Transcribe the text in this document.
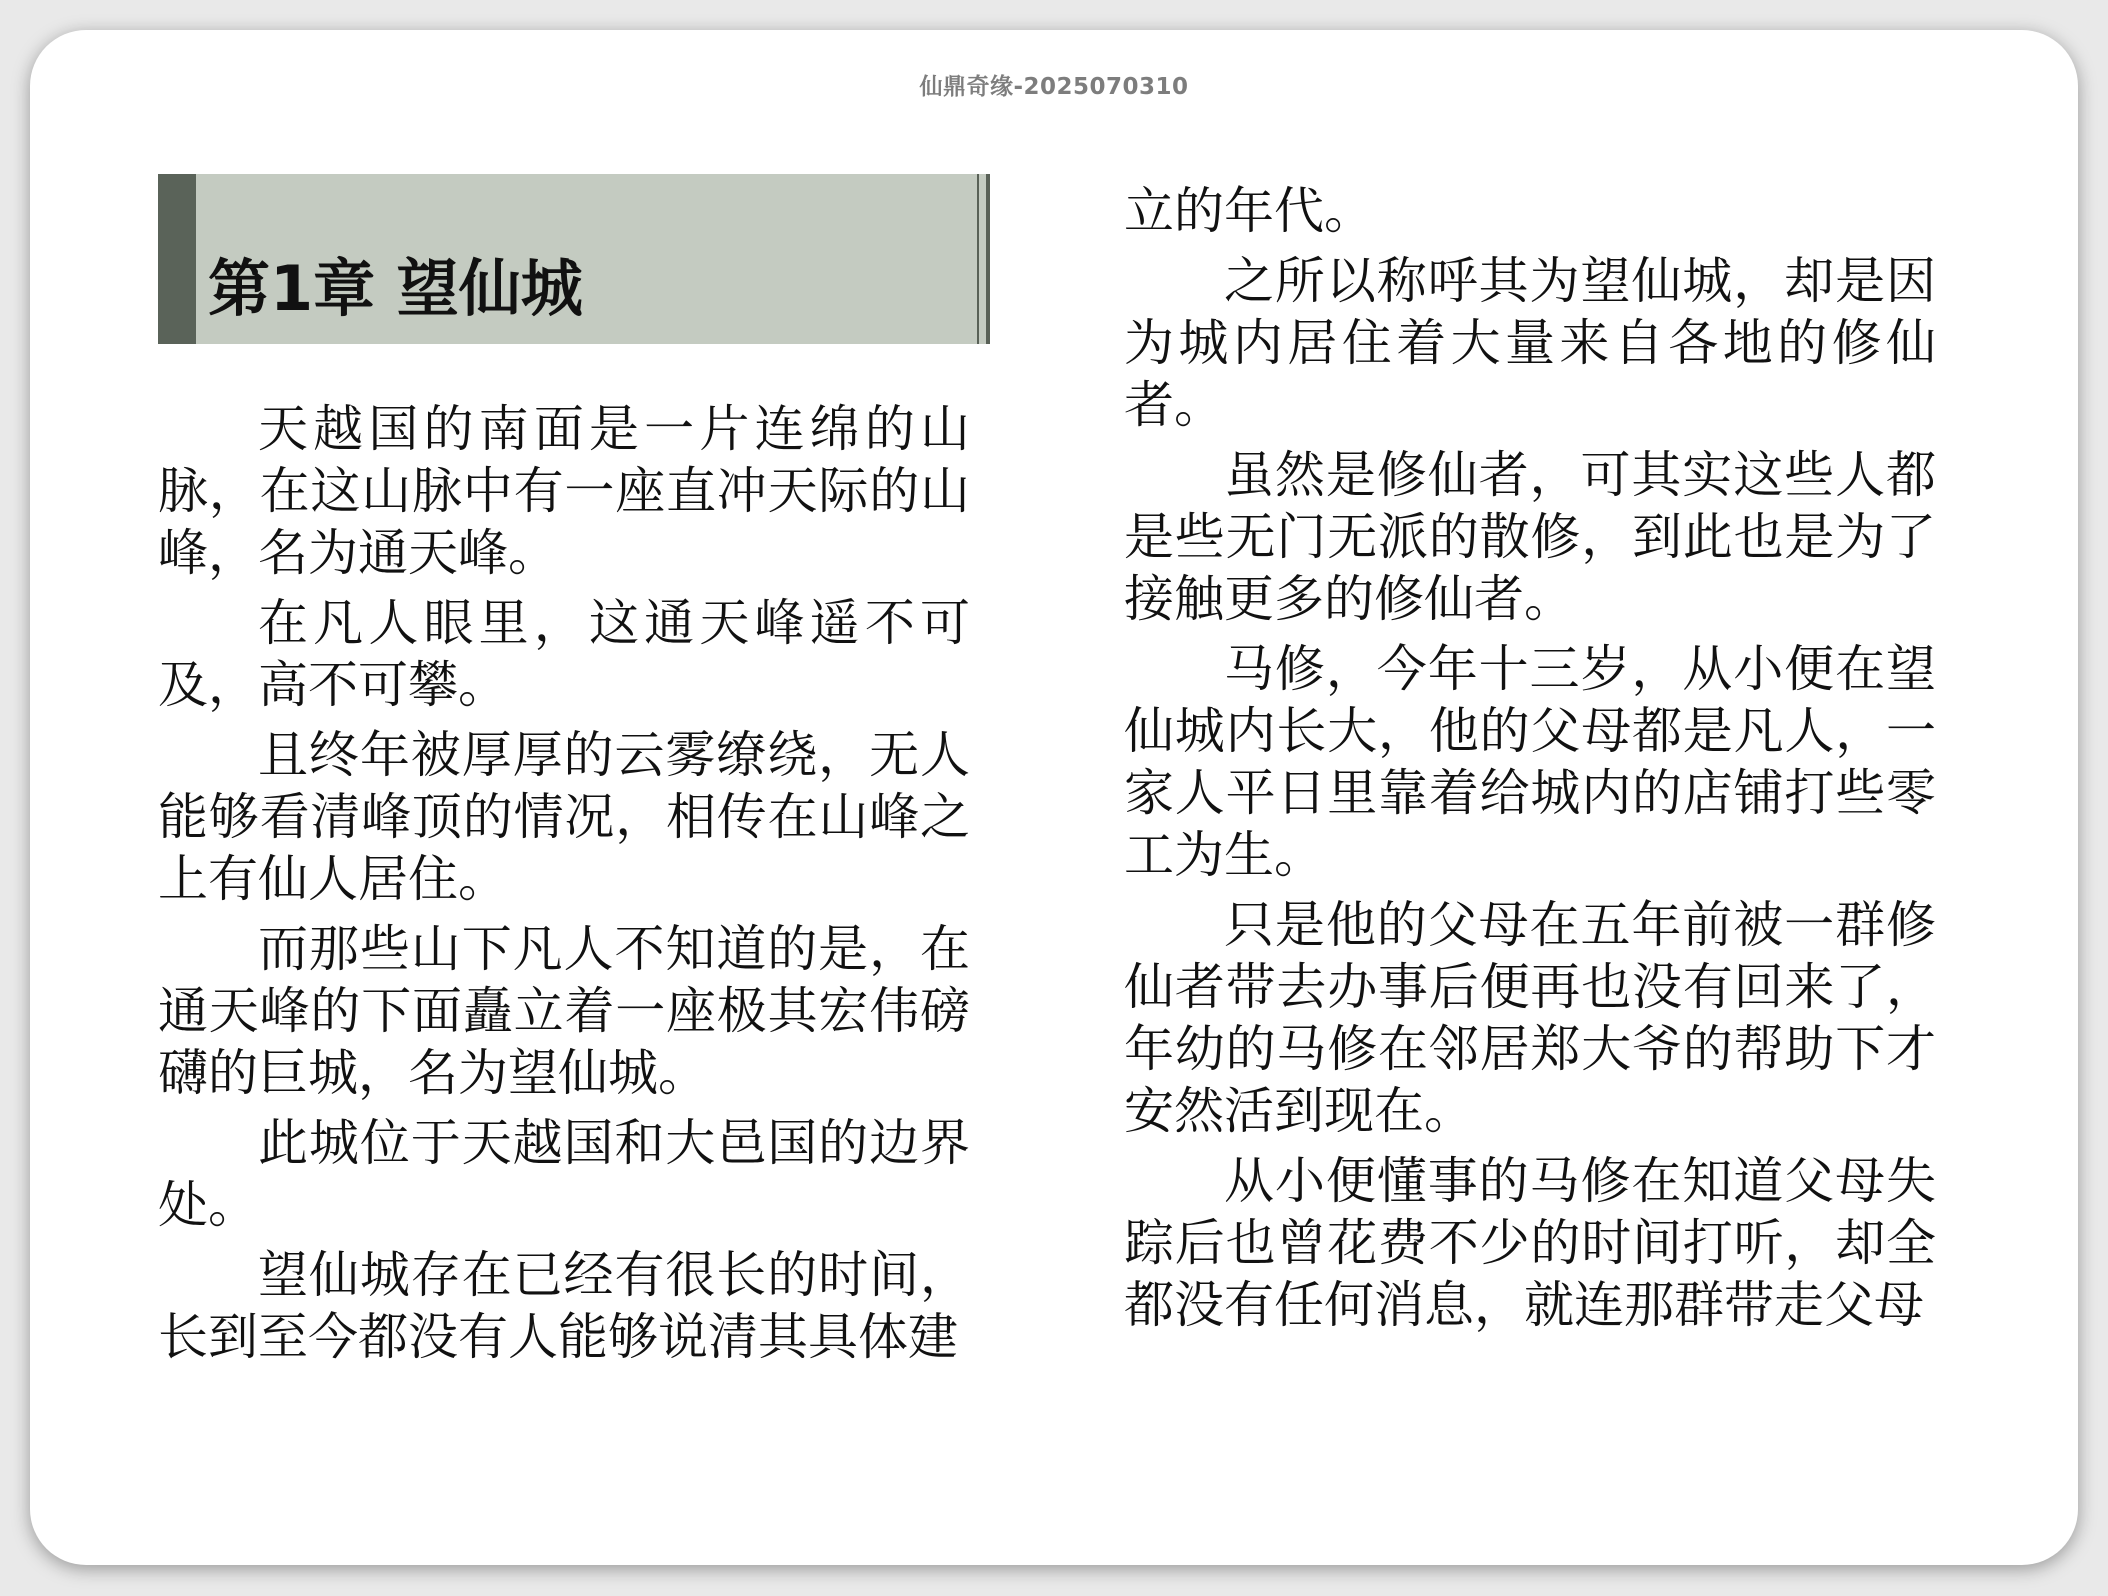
仙鼎奇缘-2025070310
第1章 望仙城

天越国的南面是一片连绵的山脉，在这山脉中有一座直冲天际的山峰，名为通天峰。

在凡人眼里，这通天峰遥不可及，高不可攀。

且终年被厚厚的云雾缭绕，无人能够看清峰顶的情况，相传在山峰之上有仙人居住。

而那些山下凡人不知道的是，在通天峰的下面矗立着一座极其宏伟磅礴的巨城，名为望仙城。

此城位于天越国和大邑国的边界处。

望仙城存在已经有很长的时间，长到至今都没有人能够说清其具体建

立的年代。

之所以称呼其为望仙城，却是因为城内居住着大量来自各地的修仙者。

虽然是修仙者，可其实这些人都是些无门无派的散修，到此也是为了接触更多的修仙者。

马修，今年十三岁，从小便在望仙城内长大，他的父母都是凡人，一家人平日里靠着给城内的店铺打些零工为生。

只是他的父母在五年前被一群修仙者带去办事后便再也没有回来了，年幼的马修在邻居郑大爷的帮助下才安然活到现在。

从小便懂事的马修在知道父母失踪后也曾花费不少的时间打听，却全都没有任何消息，就连那群带走父母
